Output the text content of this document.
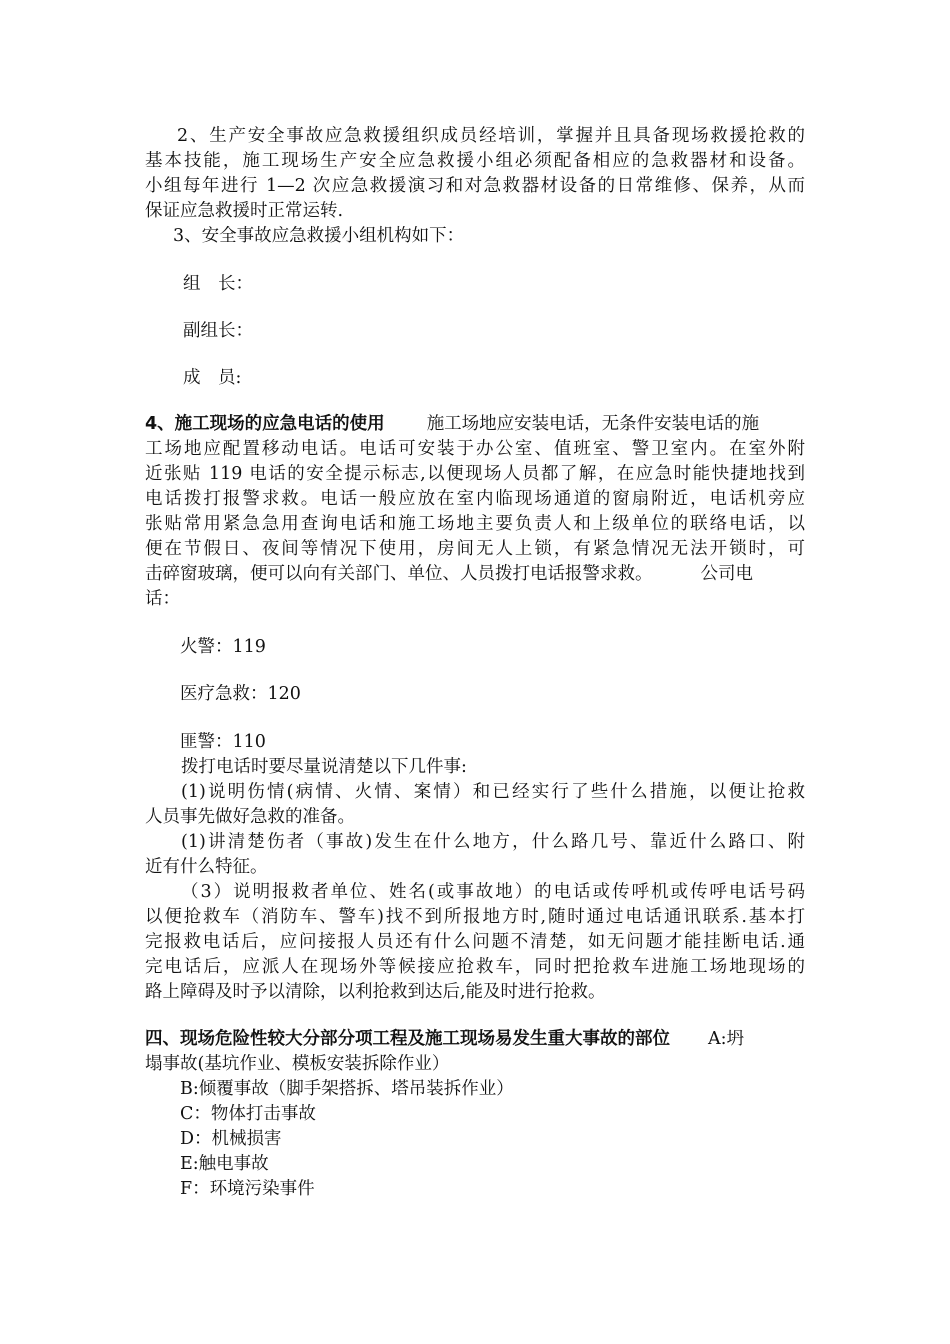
2、生产安全事故应急救援组织成员经培训，掌握并且具备现场救援抢救的
基本技能，施工现场生产安全应急救援小组必须配备相应的急救器材和设备。
小组每年进行 1—2 次应急救援演习和对急救器材设备的日常维修、保养，从而
保证应急救援时正常运转.
3、安全事故应急救援小组机构如下：
组　长：
副组长：
成　员:
4、施工现场的应急电话的使用 施工场地应安装电话，无条件安装电话的施
工场地应配置移动电话。电话可安装于办公室、值班室、警卫室内。在室外附
近张贴 119 电话的安全提示标志,以便现场人员都了解，在应急时能快捷地找到
电话拨打报警求救。电话一般应放在室内临现场通道的窗扇附近，电话机旁应
张贴常用紧急急用查询电话和施工场地主要负责人和上级单位的联络电话，以
便在节假日、夜间等情况下使用，房间无人上锁，有紧急情况无法开锁时，可
击碎窗玻璃，便可以向有关部门、单位、人员拨打电话报警求救。	公司电
话：
火警：119
医疗急救：120
匪警：110
拨打电话时要尽量说清楚以下几件事:
(1)说明伤情(病情、火情、案情）和已经实行了些什么措施，以便让抢救
人员事先做好急救的准备。
(1)讲清楚伤者（事故)发生在什么地方，什么路几号、靠近什么路口、附
近有什么特征。
（3）说明报救者单位、姓名(或事故地）的电话或传呼机或传呼电话号码
以便抢救车（消防车、警车)找不到所报地方时,随时通过电话通讯联系.基本打
完报救电话后，应问接报人员还有什么问题不清楚，如无问题才能挂断电话.通
完电话后，应派人在现场外等候接应抢救车，同时把抢救车进施工场地现场的
路上障碍及时予以清除，以利抢救到达后,能及时进行抢救。
四、现场危险性较大分部分项工程及施工现场易发生重大事故的部位 A:坍
塌事故(基坑作业、模板安装拆除作业）
B:倾覆事故（脚手架搭拆、塔吊装拆作业）
C：物体打击事故
D：机械损害
E:触电事故
F：环境污染事件
